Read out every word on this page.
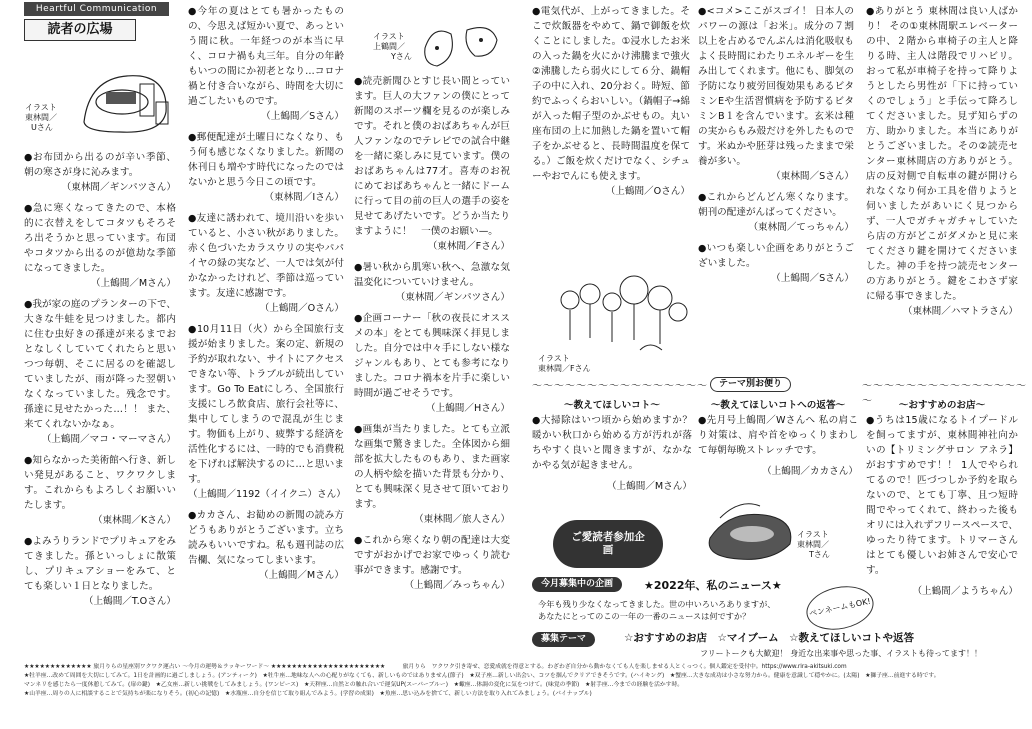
Heartful Communication
読者の広場
イラスト
東林間／
Uさん

●お布団から出るのが辛い季節、朝の寒さが身に沁みます。
（東林間／ギンパツさん）

●急に寒くなってきたので、本格的に衣替えをしてコタツもそろそろ出そうかと思っています。布団やコタツから出るのが億劫な季節になってきました。
（上鶴間／Mさん）

●我が家の庭のプランターの下で、大きな牛蛙を見つけました。都内に住む虫好きの孫達が来るまでおとなしくしていてくれたらと思いつつ毎朝、そこに居るのを確認していましたが、雨が降った翌朝いなくなっていました。残念です。孫達に見せたかった…！！ また、来てくれないかなぁ。
（上鶴間／マコ・マーマさん）

●知らなかった美術館へ行き、新しい発見があること、ワクワクします。これからもよろしくお願いいたします。
（東林間／Kさん）

●よみうりランドでプリキュアをみてきました。孫といっしょに散策し、プリキュアショーをみて、とても楽しい１日となりました。
（上鶴間／T.Oさん）

●今年の夏はとても暑かったものの、今思えば短かい夏で、あっという間に秋。一年経つのが本当に早く、コロナ禍も丸三年。自分の年齢もいつの間にか初老となり…コロナ禍と付き合いながら、時間を大切に過ごしたいものです。
（上鶴間／Sさん）

●郵便配達が土曜日になくなり、もう何も感じなくなりました。新聞の休刊日も増やす時代になったのではないかと思う今日この頃です。
（東林間／Iさん）

●友達に誘われて、境川沿いを歩いていると、小さい秋がありました。赤く色づいたカラスウリの実やパパイヤの緑の実など、一人では気が付かなかったけれど、季節は巡っています。友達に感謝です。
（上鶴間／Oさん）

●10月11日（火）から全国旅行支援が始まりました。案の定、新規の予約が取れない、サイトにアクセスできない等、トラブルが続出しています。Go To Eatにしろ、全国旅行支援にしろ飲食店、旅行会社等に、集中してしまうので混乱が生じます。物価も上がり、疲弊する経済を活性化するには、一時的でも消費税を下げれば解決するのに…と思います。
（上鶴間／1192（イイクニ）さん）

●カカさん、お勧めの新聞の読み方どうもありがとうございます。立ち読みもいいですね。私も週刊誌の広告欄、気になってしまいます。
（上鶴間／Mさん）

イラスト
上鶴間／
Yさん

●読売新聞ひとすじ長い間とっています。巨人の大ファンの僕にとって新聞のスポーツ欄を見るのが楽しみです。それと僕のおばあちゃんが巨人ファンなのでテレビでの試合中継を一緒に楽しみに見ています。僕のおばあちゃんは77才。喜寿のお祝にめておばあちゃんと一緒にドームに行って目の前の巨人の選手の姿を見せてあげたいです。どうか当たりますように！　一僕のお願い—。
（東林間／Fさん）

●暑い秋から肌寒い秋へ、急激な気温変化についていけません。
（東林間／ギンパツさん）

●企画コーナー「秋の夜長にオススメの本」をとても興味深く拝見しました。自分では中々手にしない様なジャンルもあり、とても参考になりました。コロナ禍本を片手に楽しい時間が過ごせそうです。
（上鶴間／Hさん）

●画集が当たりました。とても立派な画集で驚きました。全体図から細部を拡大したものもあり、また画家の人柄や絵を描いた背景も分かり、とても興味深く見させて頂いております。
（東林間／旅人さん）

●これから寒くなり朝の配達は大変ですがおかげでお家でゆっくり読む事ができます。感謝です。
（上鶴間／みっちゃん）

●電気代が、上がってきました。そこで炊飯器をやめて、鍋で御飯を炊くことにしました。①浸水したお米の入った鍋を火にかけ沸騰まで強火 ②沸騰したら弱火にして６分、鍋帽子の中に入れ、20分おく。時短、節約でふっくらおいしい。（鍋帽子→綿が入った帽子型のかぶせもの。丸い座布団の上に加熱した鍋を置いて帽子をかぶせると、長時間温度を保てる。）ご飯を炊くだけでなく、シチューやおでんにも使えます。
（上鶴間／Oさん）

イラスト
東林間／Fさん

●<コメ>ここがスゴイ！ 日本人のパワーの源は「お米」。成分の７割以上を占めるでんぷんは消化吸収もよく長時間にわたりエネルギーを生み出してくれます。他にも、脚気の予防になり疲労回復効果もあるビタミンEや生活習慣病を予防するビタミンB１を含んでいます。玄米は種の実からもみ殻だけを外したものです。米ぬかや胚芽は残ったままで栄養が多い。
（東林間／Sさん）

●これからどんどん寒くなります。朝刊の配達がんばってください。
（東林間／てっちゃん）

●いつも楽しい企画をありがとうございました。
（上鶴間／Sさん）

●ありがとう 東林間は良い人ばかり！ その①東林間駅エレベーターの中、２階から車椅子の主人と降りる時、主人は階段でリハビリ。おって私が車椅子を持って降りようとしたら男性が「下に持っていくのでしょう」と手伝って降ろしてくださいました。見ず知らずの方、助かりました。本当にありがとうございました。その②読売センター東林間店の方ありがとう。店の反対側で自転車の鍵が開けられなくなり何か工具を借りようと伺いましたがあいにく見つからず、一人でガチャガチャしていたら店の方がどこがダメかと見に来てくださり鍵を開けてくださいました。神の手を持つ読売センターの方ありがとう。鍵をこわさず家に帰る事できました。
（東林間／ハマトラさん）

～～～～～～～～～～～～～～～～	テーマ別お便り	～～～～～～～～～～～～～～～～
～教えてほしいコト～

●大掃除はいつ頃から始めますか？ 暖かい秋口から始める方が汚れが落ちやすく良いと聞きますが、なかなかやる気が起きません。

（上鶴間／Mさん）
～教えてほしいコトへの返答～

●先月号上鶴間／Wさんへ 私の肩こり対策は、肩や首をゆっくりまわして毎朝毎晩ストレッチです。

（上鶴間／カカさん）
～おすすめのお店～

●うちは15歳になるトイプードルを飼ってますが、東林間神社向かいの【トリミングサロン アネラ】がおすすめです！！ 1人でやられてるので！匹づつしか予約を取らないので、とても丁寧、且つ短時間でやってくれて、終わった後もオリには入れずフリースペースで、ゆったり待てます。トリマーさんはとても優しいお姉さんで安心です。

（上鶴間／ようちゃん）
イラスト
東林間／
Tさん
ご愛読者参加企画
今月募集中の企画	★2022年、私のニュース★
今年も残り少なくなってきました。世の中いろいろありますが、
あなたにとってのこの一年の一番のニュースは何ですか？	ペンネームもOK!
募集テーマ	☆おすすめのお店　☆マイブーム　☆教えてほしいコトや返答
フリートークも大歓迎！ 身近な出来事や思った事、イラストも待ってます！！
★★★★★★★★★★★★★ 旅月りらの星座別ワクワク運占い ～今月の運勢＆ラッキーワード～ ★★★★★★★★★★★★★★★★★★★★★★　　　旅月りら　ワクワク引き寄せ、恋愛成就を得意とする。わざわざ自分から動かなくても人を楽しませる人とくっつく。個人鑑定を受付中。https://www.rira-akitsuki.com
★牡羊座…改めて周囲を大切にしてみて。1日を計画的に過ごしましょう。(アンティーク)　★牡牛座…地味な人への心配りがなくても、新しいものではありません(節子)　★双子座…新しい出会い、コツを掴んでクリアできそうです。(ハイキング)　★蟹座…大きな成功は小さな努力から。健康を意識して穏やかに。(太陽)　★獅子座…前進する時です。
マンネリを感じたら一度休憩してみて。(扉の鍵)　★乙女座…新しい挑戦をしてみましょう。(ワンピース)　★天秤座…自然との触れ合いで運気UP(スーパーブルー)　★蠍座…体調の変化に気をつけて。(味覚の季節)　★射手座…今までの経験を活かす時。
★山羊座…周りの人に相談することで気持ちが楽になりそう。(初心の記憶)　★水瓶座…自分を信じて取り組んでみよう。(学習の成果)　★魚座…思い込みを捨てて、新しい方法を取り入れてみましょう。(パイナップル)
